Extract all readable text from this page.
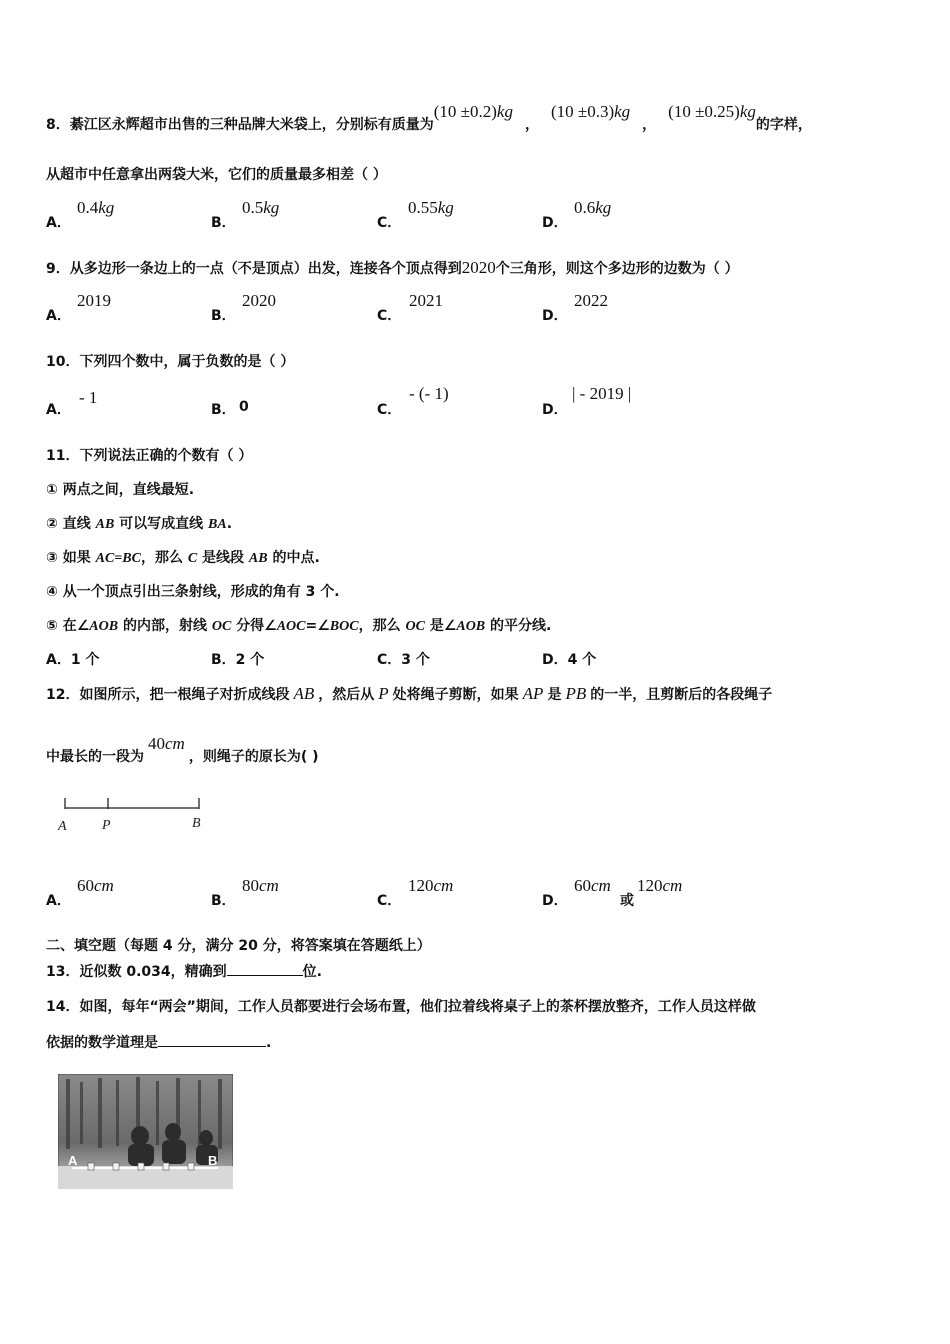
8．綦江区永辉超市出售的三种品牌大米袋上，分别标有质量为(10 ±0.2)kg，(10 ±0.3)kg，(10 ±0.25)kg的字样，
从超市中任意拿出两袋大米，它们的质量最多相差（ ）
A．
0.4kg
B．
0.5kg
C．
0.55kg
D．
0.6kg
9．从多边形一条边上的一点（不是顶点）出发，连接各个顶点得到2020个三角形，则这个多边形的边数为（ ）
A．
2019
B．
2020
C．
2021
D．
2022
10．下列四个数中，属于负数的是（ ）
A．
- 1
B． 0	C．
- (- 1)
D．
| - 2019 |
11．下列说法正确的个数有（ ）
① 两点之间，直线最短.
② 直线 AB 可以写成直线 BA.
③ 如果 AC=BC，那么 C 是线段 AB 的中点.
④ 从一个顶点引出三条射线，形成的角有 3 个.
⑤ 在∠AOB 的内部，射线 OC 分得∠AOC=∠BOC，那么 OC 是∠AOB 的平分线.
A．1 个	B．2 个	C．3 个	D．4 个
12．如图所示，把一根绳子对折成线段 AB ，然后从 P 处将绳子剪断，如果 AP 是 PB 的一半，且剪断后的各段绳子
中最长的一段为40cm，则绳子的原长为( )
A	P	B
A．
60cm
B．
80cm
C．
120cm
D．
60cm
或
120cm
二、填空题（每题 4 分，满分 20 分，将答案填在答题纸上）
13．近似数 0.034，精确到	位.
14．如图，每年“两会”期间，工作人员都要进行会场布置，他们拉着线将桌子上的茶杯摆放整齐，工作人员这样做
依据的数学道理是	.
A	B
